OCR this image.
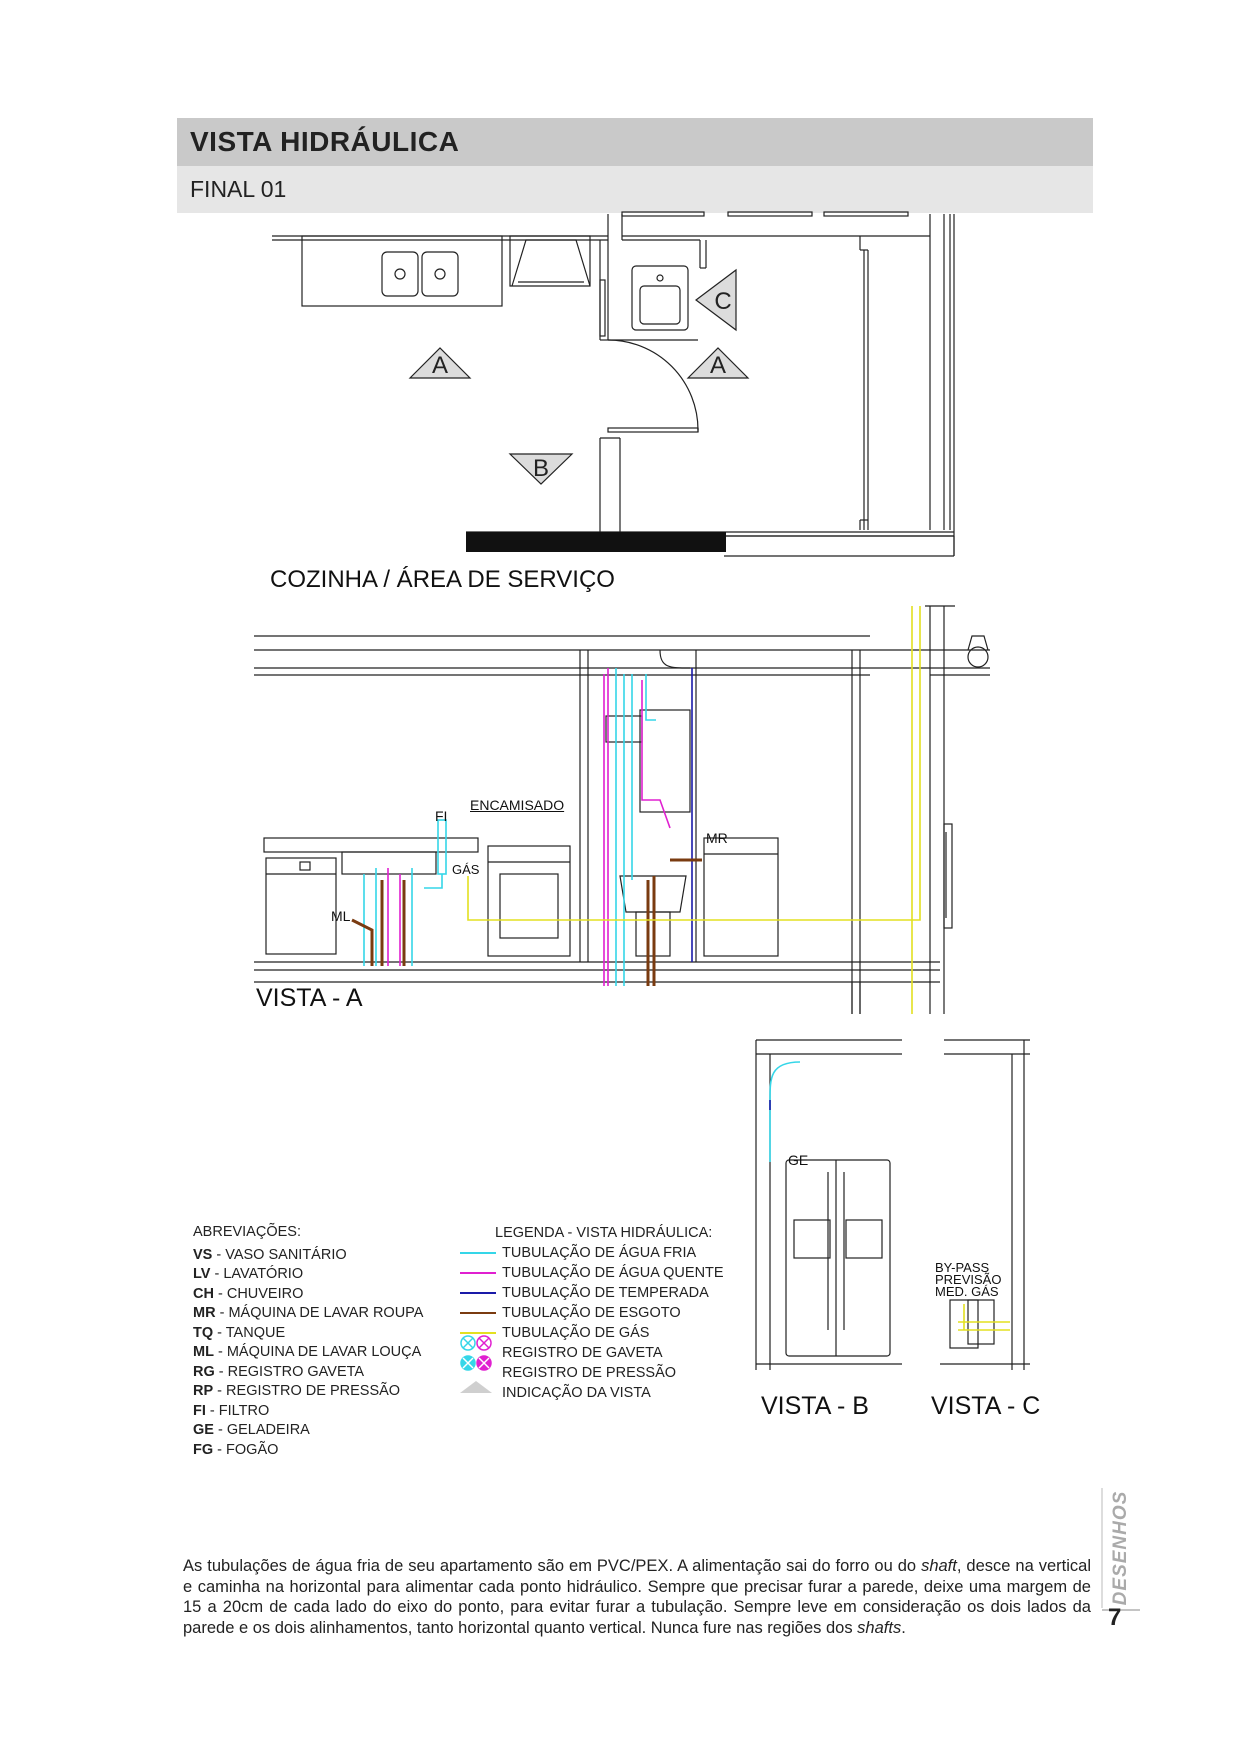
VISTA HIDRÁULICA
FINAL 01
A	A
B
C
COZINHA / ÁREA DE SERVIÇO
FI
ENCAMISADO
GÁS
ML
MR
VISTA - A
GE
VISTA - B
BY-PASS
PREVISÃO
MED. GÁS
VISTA - C
ABREVIAÇÕES:
VS - VASO SANITÁRIO
LV - LAVATÓRIO
CH - CHUVEIRO
MR - MÁQUINA DE LAVAR ROUPA
TQ - TANQUE
ML - MÁQUINA DE LAVAR LOUÇA
RG - REGISTRO GAVETA
RP - REGISTRO DE PRESSÃO
FI - FILTRO
GE - GELADEIRA
FG - FOGÃO
LEGENDA - VISTA HIDRÁULICA:
TUBULAÇÃO DE ÁGUA FRIA
TUBULAÇÃO DE ÁGUA QUENTE
TUBULAÇÃO DE TEMPERADA
TUBULAÇÃO DE ESGOTO
TUBULAÇÃO DE GÁS
REGISTRO DE GAVETA
REGISTRO DE PRESSÃO
INDICAÇÃO DA VISTA
As tubulações de água fria de seu apartamento são em PVC/PEX. A alimentação sai do forro ou do shaft, desce na vertical e caminha na horizontal para alimentar cada ponto hidráulico. Sempre que precisar furar a parede, deixe uma margem de 15 a 20cm de cada lado do eixo do ponto, para evitar furar a tubulação. Sempre leve em consideração os dois lados da parede e os dois alinhamentos, tanto horizontal quanto vertical. Nunca fure nas regiões dos shafts.
DESENHOS
7
